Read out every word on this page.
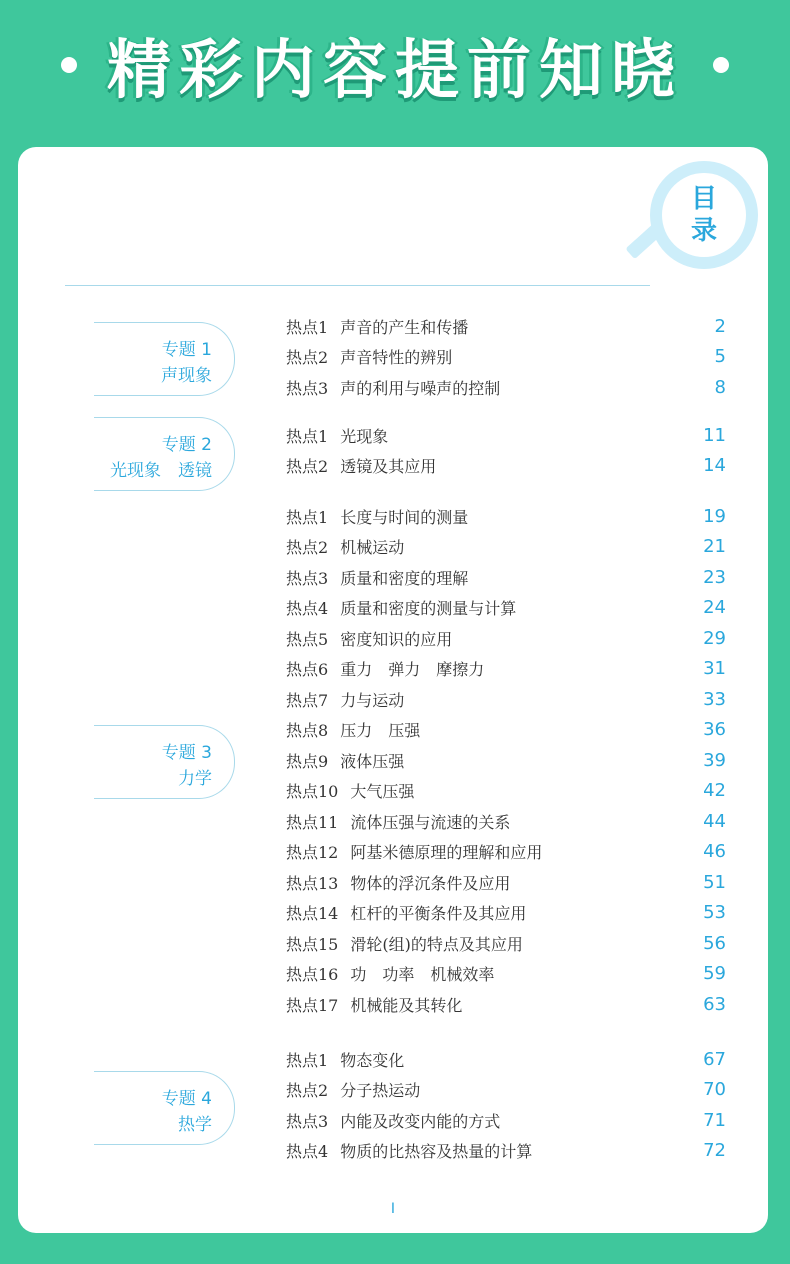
精彩内容提前知晓
目
录
专题 1
声现象
专题 2
光现象　透镜
专题 3
力学
专题 4
热学
热点1 声音的产生和传播	2
热点2 声音特性的辨别	5
热点3 声的利用与噪声的控制	8
热点1 光现象	11
热点2 透镜及其应用	14
热点1 长度与时间的测量	19
热点2 机械运动	21
热点3 质量和密度的理解	23
热点4 质量和密度的测量与计算	24
热点5 密度知识的应用	29
热点6 重力　弹力　摩擦力	31
热点7 力与运动	33
热点8 压力　压强	36
热点9 液体压强	39
热点10 大气压强	42
热点11 流体压强与流速的关系	44
热点12 阿基米德原理的理解和应用	46
热点13 物体的浮沉条件及应用	51
热点14 杠杆的平衡条件及其应用	53
热点15 滑轮(组)的特点及其应用	56
热点16 功　功率　机械效率	59
热点17 机械能及其转化	63
热点1 物态变化	67
热点2 分子热运动	70
热点3 内能及改变内能的方式	71
热点4 物质的比热容及热量的计算	72
I
